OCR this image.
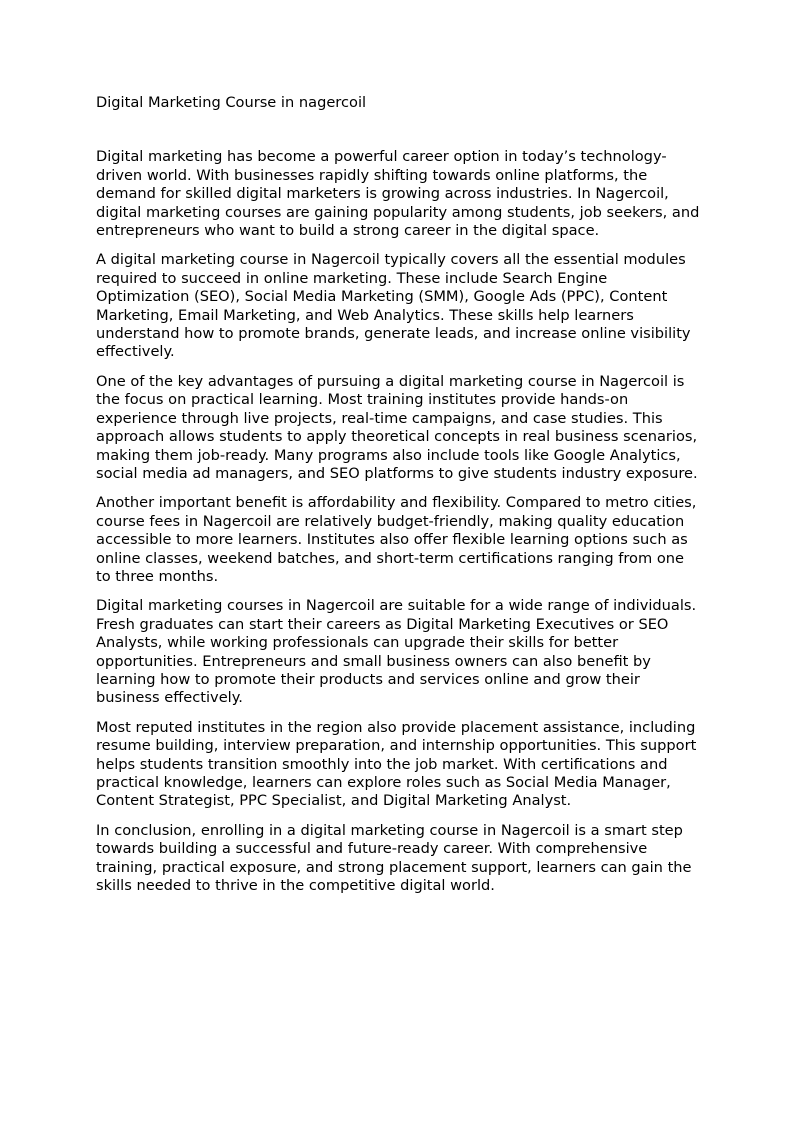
Digital Marketing Course in nagercoil

Digital marketing has become a powerful career option in today’s technology-driven world. With businesses rapidly shifting towards online platforms, the demand for skilled digital marketers is growing across industries. In Nagercoil, digital marketing courses are gaining popularity among students, job seekers, and entrepreneurs who want to build a strong career in the digital space.

A digital marketing course in Nagercoil typically covers all the essential modules required to succeed in online marketing. These include Search Engine Optimization (SEO), Social Media Marketing (SMM), Google Ads (PPC), Content Marketing, Email Marketing, and Web Analytics. These skills help learners understand how to promote brands, generate leads, and increase online visibility effectively.

One of the key advantages of pursuing a digital marketing course in Nagercoil is the focus on practical learning. Most training institutes provide hands-on experience through live projects, real-time campaigns, and case studies. This approach allows students to apply theoretical concepts in real business scenarios, making them job-ready. Many programs also include tools like Google Analytics, social media ad managers, and SEO platforms to give students industry exposure.

Another important benefit is affordability and flexibility. Compared to metro cities, course fees in Nagercoil are relatively budget-friendly, making quality education accessible to more learners. Institutes also offer flexible learning options such as online classes, weekend batches, and short-term certifications ranging from one to three months.

Digital marketing courses in Nagercoil are suitable for a wide range of individuals. Fresh graduates can start their careers as Digital Marketing Executives or SEO Analysts, while working professionals can upgrade their skills for better opportunities. Entrepreneurs and small business owners can also benefit by learning how to promote their products and services online and grow their business effectively.

Most reputed institutes in the region also provide placement assistance, including resume building, interview preparation, and internship opportunities. This support helps students transition smoothly into the job market. With certifications and practical knowledge, learners can explore roles such as Social Media Manager, Content Strategist, PPC Specialist, and Digital Marketing Analyst.

In conclusion, enrolling in a digital marketing course in Nagercoil is a smart step towards building a successful and future-ready career. With comprehensive training, practical exposure, and strong placement support, learners can gain the skills needed to thrive in the competitive digital world.
